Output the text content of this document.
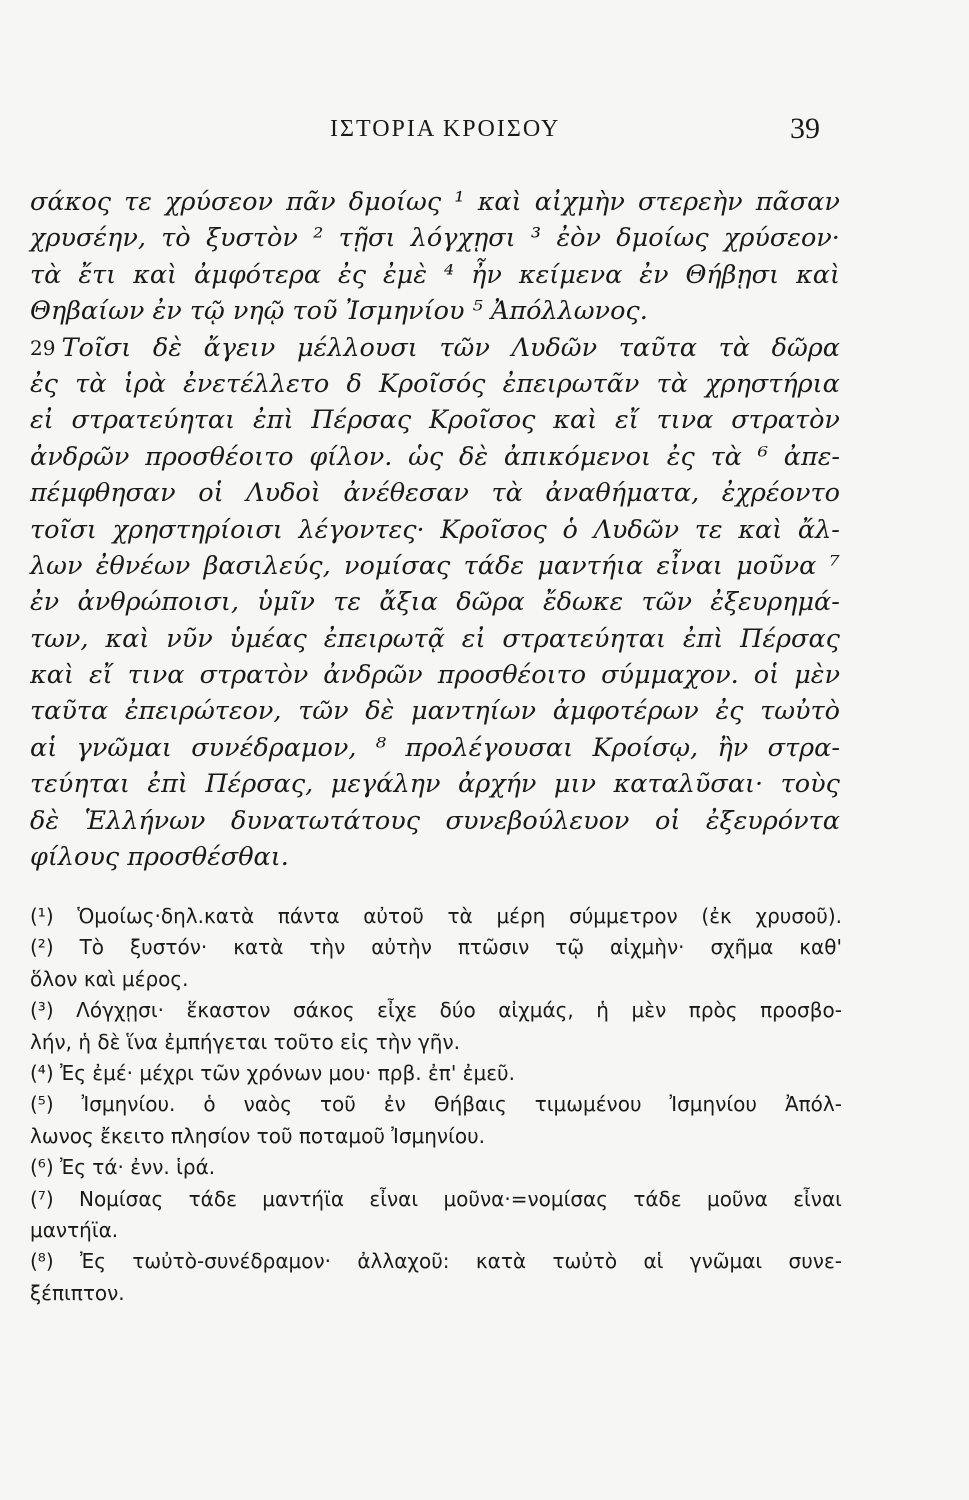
ΙΣΤΟΡΙΑ ΚΡΟΙΣΟΥ	39
σάκος τε χρύσεον πᾶν δμοίως ¹ καὶ αἰχμὴν στερεὴν πᾶσαν
χρυσέην, τὸ ξυστὸν ² τῇσι λόγχῃσι ³ ἐὸν δμοίως χρύσεον·
τὰ ἔτι καὶ ἀμφότερα ἐς ἐμὲ ⁴ ἦν κείμενα ἐν Θήβῃσι καὶ
Θηβαίων ἐν τῷ νηῷ τοῦ Ἰσμηνίου ⁵ Ἀπόλλωνος.
29 Τοῖσι δὲ ἄγειν μέλλουσι τῶν Λυδῶν ταῦτα τὰ δῶρα
ἐς τὰ ἱρὰ ἐνετέλλετο δ Κροῖσός ἐπειρωτᾶν τὰ χρηστήρια
εἰ στρατεύηται ἐπὶ Πέρσας Κροῖσος καὶ εἴ τινα στρατὸν
ἀνδρῶν προσθέοιτο φίλον. ὡς δὲ ἀπικόμενοι ἐς τὰ ⁶ ἀπε-
πέμφθησαν οἱ Λυδοὶ ἀνέθεσαν τὰ ἀναθήματα, ἐχρέοντο
τοῖσι χρηστηρίοισι λέγοντες· Κροῖσος ὁ Λυδῶν τε καὶ ἄλ-
λων ἐθνέων βασιλεύς, νομίσας τάδε μαντήια εἶναι μοῦνα ⁷
ἐν ἀνθρώποισι, ὑμῖν τε ἄξια δῶρα ἔδωκε τῶν ἐξευρημά-
των, καὶ νῦν ὑμέας ἐπειρωτᾷ εἰ στρατεύηται ἐπὶ Πέρσας
καὶ εἴ τινα στρατὸν ἀνδρῶν προσθέοιτο σύμμαχον. οἱ μὲν
ταῦτα ἐπειρώτεον, τῶν δὲ μαντηίων ἀμφοτέρων ἐς τωὐτὸ
αἱ γνῶμαι συνέδραμον, ⁸ προλέγουσαι Κροίσῳ, ἢν στρα-
τεύηται ἐπὶ Πέρσας, μεγάλην ἀρχήν μιν καταλῦσαι· τοὺς
δὲ Ἑλλήνων δυνατωτάτους συνεβούλευον οἱ ἐξευρόντα
φίλους προσθέσθαι.
(¹) Ὁμοίως·δηλ.κατὰ πάντα αὐτοῦ τὰ μέρη σύμμετρον (ἐκ χρυσοῦ).
(²) Τὸ ξυστόν· κατὰ τὴν αὐτὴν πτῶσιν τῷ αἰχμὴν· σχῆμα καθ'
ὅλον καὶ μέρος.
(³) Λόγχῃσι· ἕκαστον σάκος εἶχε δύο αἰχμάς, ἡ μὲν πρὸς προσβο-
λήν, ἡ δὲ ἵνα ἐμπήγεται τοῦτο εἰς τὴν γῆν.
(⁴) Ἐς ἐμέ· μέχρι τῶν χρόνων μου· πρβ. ἐπ' ἐμεῦ.
(⁵) Ἰσμηνίου. ὁ ναὸς τοῦ ἐν Θήβαις τιμωμένου Ἰσμηνίου Ἀπόλ-
λωνος ἔκειτο πλησίον τοῦ ποταμοῦ Ἰσμηνίου.
(⁶) Ἐς τά· ἐνν. ἱρά.
(⁷) Νομίσας τάδε μαντήϊα εἶναι μοῦνα·=νομίσας τάδε μοῦνα εἶναι
μαντήϊα.
(⁸) Ἐς τωὐτὸ-συνέδραμον· ἀλλαχοῦ: κατὰ τωὐτὸ αἱ γνῶμαι συνε-
ξέπιπτον.
